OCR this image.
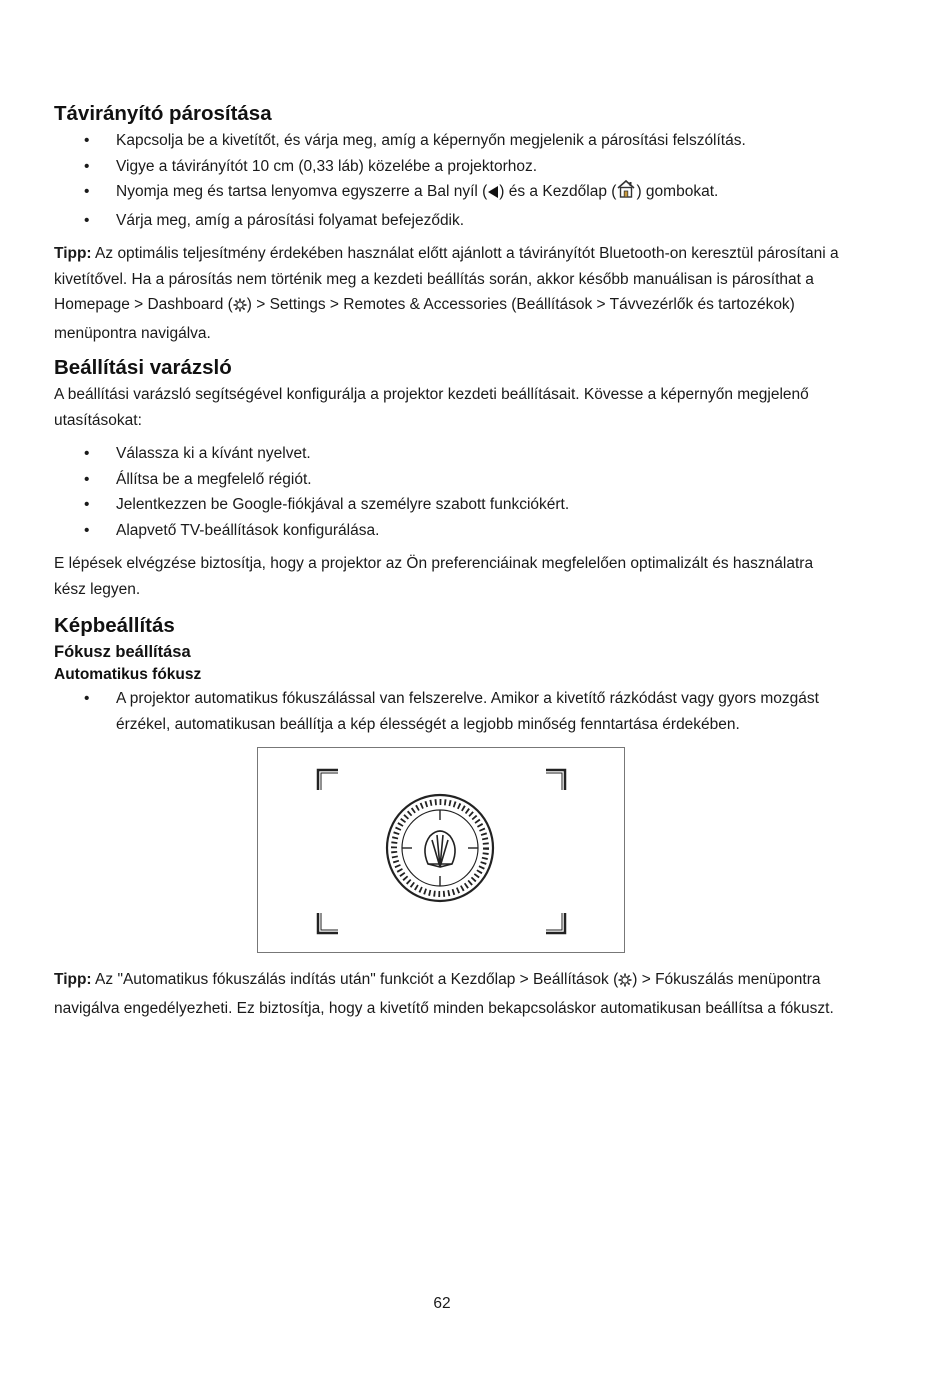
Távirányító párosítása
• Kapcsolja be a kivetítőt, és várja meg, amíg a képernyőn megjelenik a párosítási felszólítás.
• Vigye a távirányítót 10 cm (0,33 láb) közelébe a projektorhoz.
• Nyomja meg és tartsa lenyomva egyszerre a Bal nyíl ( ) és a Kezdőlap ( ) gombokat.
• Várja meg, amíg a párosítási folyamat befejeződik.

Tipp: Az optimális teljesítmény érdekében használat előtt ajánlott a távirányítót Bluetooth-on keresztül párosítani a kivetítővel. Ha a párosítás nem történik meg a kezdeti beállítás során, akkor később manuálisan is párosíthat a Homepage > Dashboard ( ) > Settings > Remotes & Accessories (Beállítások > Távvezérlők és tartozékok) menüpontra navigálva.

Beállítási varázsló

A beállítási varázsló segítségével konfigurálja a projektor kezdeti beállításait. Kövesse a képernyőn megjelenő utasításokat:

• Válassza ki a kívánt nyelvet.
• Állítsa be a megfelelő régiót.
• Jelentkezzen be Google-fiókjával a személyre szabott funkciókért.
• Alapvető TV-beállítások konfigurálása.

E lépések elvégzése biztosítja, hogy a projektor az Ön preferenciáinak megfelelően optimalizált és használatra kész legyen.

Képbeállítás
Fókusz beállítása
Automatikus fókusz
• A projektor automatikus fókuszálással van felszerelve. Amikor a kivetítő rázkódást vagy gyors mozgást érzékel, automatikusan beállítja a kép élességét a legjobb minőség fenntartása érdekében.

Tipp: Az "Automatikus fókuszálás indítás után" funkciót a Kezdőlap > Beállítások ( ) > Fókuszálás menüpontra navigálva engedélyezheti. Ez biztosítja, hogy a kivetítő minden bekapcsoláskor automatikusan beállítsa a fókuszt.

62
